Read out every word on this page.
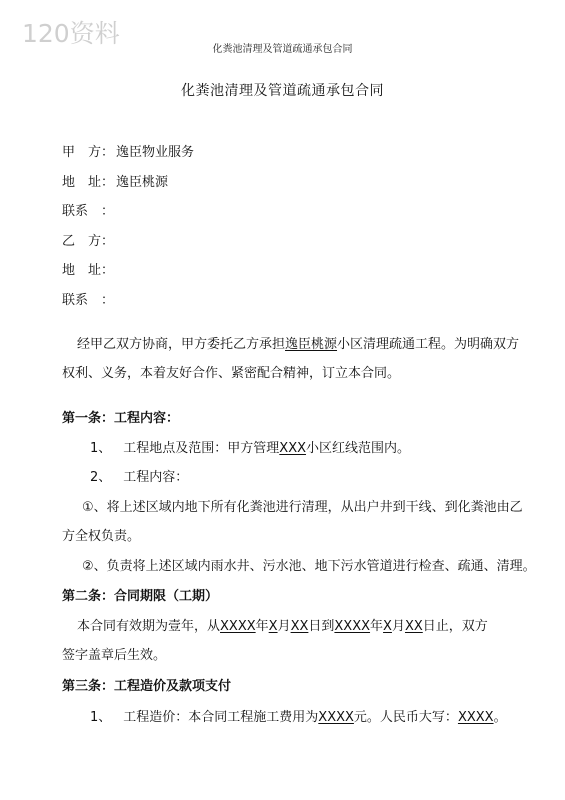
120资料
化粪池清理及管道疏通承包合同
化粪池清理及管道疏通承包合同
甲　方： 逸臣物业服务
地　址： 逸臣桃源
联系　：
乙　方：
地　址：
联系　：
经甲乙双方协商，甲方委托乙方承担逸臣桃源小区清理疏通工程。为明确双方
权利、义务，本着友好合作、紧密配合精神，订立本合同。
第一条：工程内容：
1、 工程地点及范围：甲方管理XXX小区红线范围内。
2、 工程内容：
①、将上述区域内地下所有化粪池进行清理，从出户井到干线、到化粪池由乙
方全权负责。
②、负责将上述区域内雨水井、污水池、地下污水管道进行检查、疏通、清理。
第二条：合同期限（工期）
本合同有效期为壹年，从XXXX年X月XX日到XXXX年X月XX日止，双方
签字盖章后生效。
第三条：工程造价及款项支付
1、 工程造价：本合同工程施工费用为XXXX元。人民币大写：XXXX。
